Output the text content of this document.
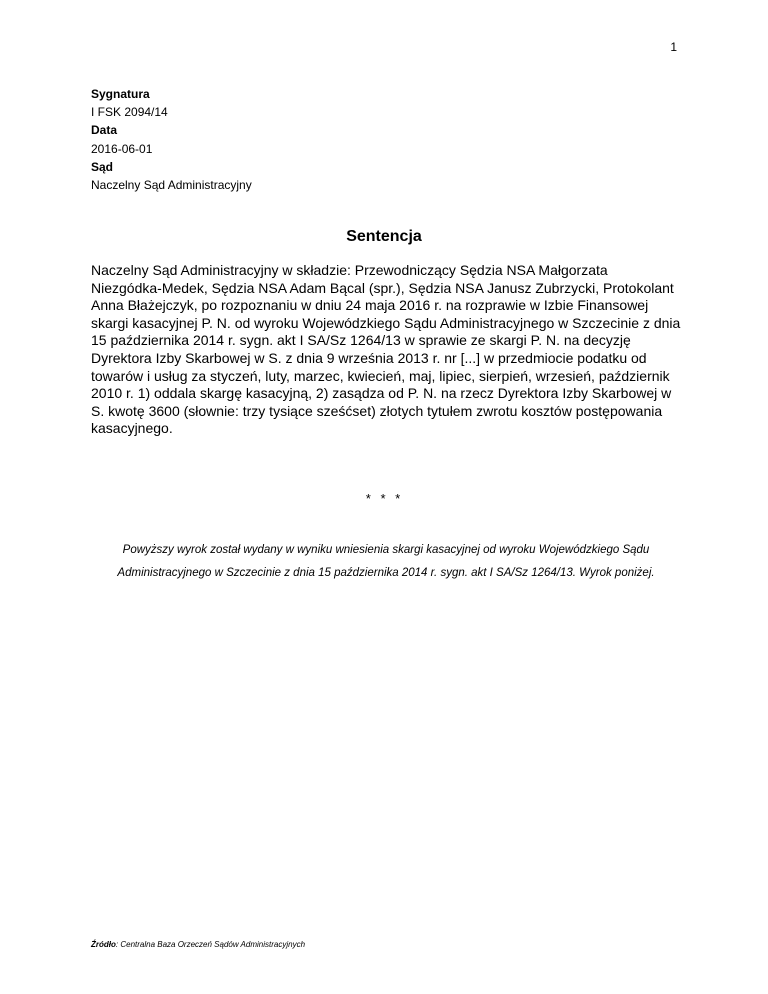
1
Sygnatura
I FSK 2094/14
Data
2016-06-01
Sąd
Naczelny Sąd Administracyjny
Sentencja

Naczelny Sąd Administracyjny w składzie: Przewodniczący Sędzia NSA Małgorzata Niezgódka-Medek, Sędzia NSA Adam Bącal (spr.), Sędzia NSA Janusz Zubrzycki, Protokolant Anna Błażejczyk, po rozpoznaniu w dniu 24 maja 2016 r. na rozprawie w Izbie Finansowej skargi kasacyjnej P. N. od wyroku Wojewódzkiego Sądu Administracyjnego w Szczecinie z dnia 15 października 2014 r. sygn. akt I SA/Sz 1264/13 w sprawie ze skargi P. N. na decyzję Dyrektora Izby Skarbowej w S. z dnia 9 września 2013 r. nr [...] w przedmiocie podatku od towarów i usług za styczeń, luty, marzec, kwiecień, maj, lipiec, sierpień, wrzesień, październik 2010 r. 1) oddala skargę kasacyjną, 2) zasądza od P. N. na rzecz Dyrektora Izby Skarbowej w S. kwotę 3600 (słownie: trzy tysiące sześćset) złotych tytułem zwrotu kosztów postępowania kasacyjnego.

* * *

Powyższy wyrok został wydany w wyniku wniesienia skargi kasacyjnej od wyroku Wojewódzkiego Sądu Administracyjnego w Szczecinie z dnia 15 października 2014 r. sygn. akt I SA/Sz 1264/13. Wyrok poniżej.

Źródło: Centralna Baza Orzeczeń Sądów Administracyjnych
